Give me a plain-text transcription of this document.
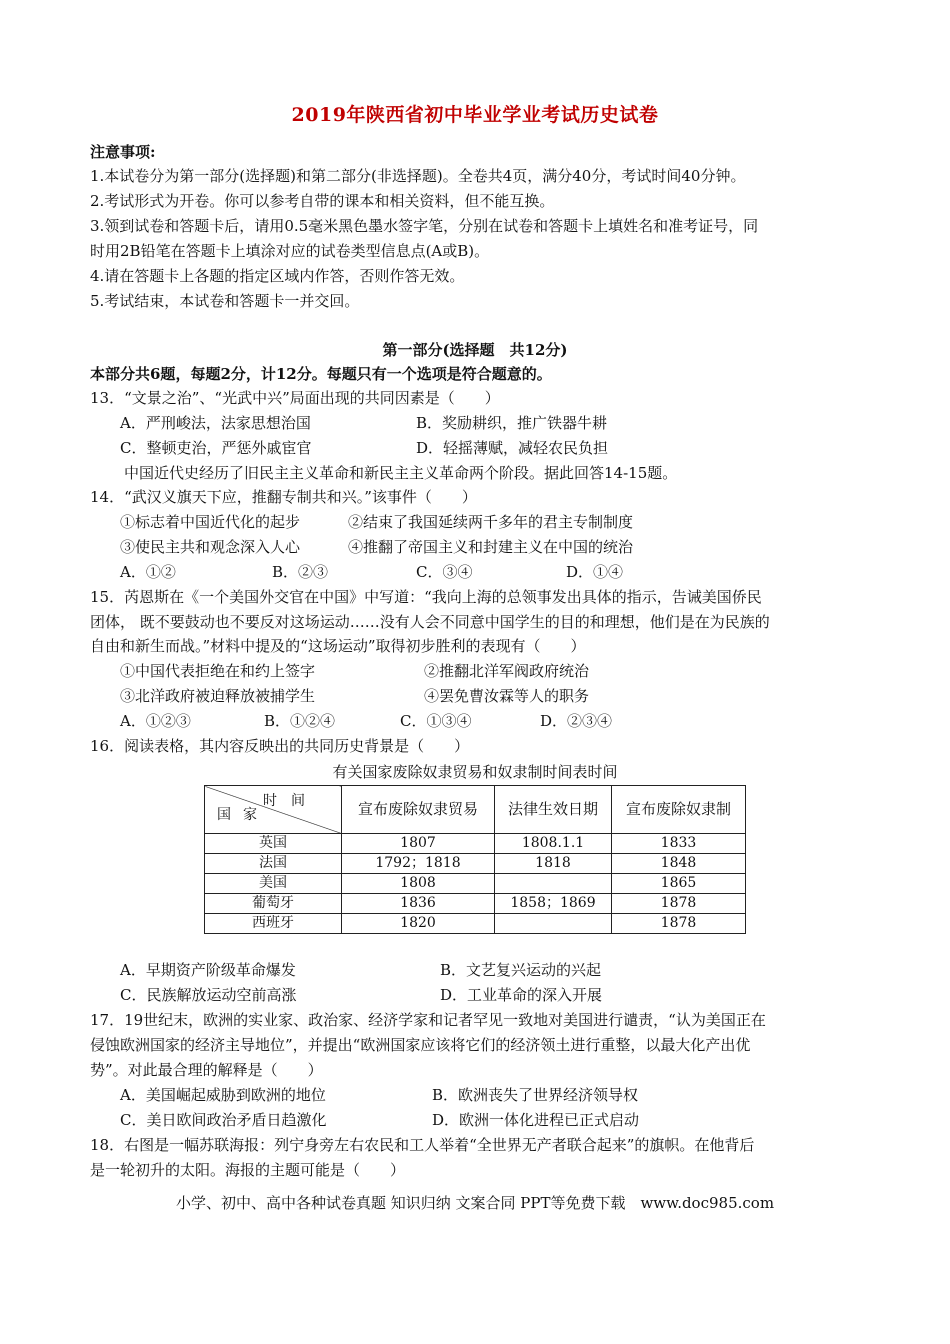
2019年陕西省初中毕业学业考试历史试卷
注意事项:
1.本试卷分为第一部分(选择题)和第二部分(非选择题)。全卷共4页，满分40分，考试时间40分钟。
2.考试形式为开卷。你可以参考自带的课本和相关资料，但不能互换。
3.领到试卷和答题卡后，请用0.5毫米黑色墨水签字笔，分别在试卷和答题卡上填姓名和准考证号，同
时用2B铅笔在答题卡上填涂对应的试卷类型信息点(A或B)。
4.请在答题卡上各题的指定区域内作答，否则作答无效。
5.考试结束，本试卷和答题卡一并交回。
第一部分(选择题　共12分)
本部分共6题，每题2分，计12分。每题只有一个选项是符合题意的。
13．“文景之治”、“光武中兴”局面出现的共同因素是（　　）
A．严刑峻法，法家思想治国	B．奖励耕织，推广铁器牛耕
C．整顿吏治，严惩外戚宦官	D．轻摇薄赋，减轻农民负担
中国近代史经历了旧民主主义革命和新民主主义革命两个阶段。据此回答14-15题。
14．“武汉义旗天下应，推翻专制共和兴。”该事件（　　）
①标志着中国近代化的起步	②结束了我国延续两千多年的君主专制制度
③使民主共和观念深入人心	④推翻了帝国主义和封建主义在中国的统治
A．①②	B．②③	C．③④	D．①④
15．芮恩斯在《一个美国外交官在中国》中写道：“我向上海的总领事发出具体的指示，告诫美国侨民
团体， 既不要鼓动也不要反对这场运动……没有人会不同意中国学生的目的和理想，他们是在为民族的
自由和新生而战。”材料中提及的“这场运动”取得初步胜利的表现有（　　）
①中国代表拒绝在和约上签字	②推翻北洋军阀政府统治
③北洋政府被迫释放被捕学生	④罢免曹汝霖等人的职务
A．①②③	B．①②④	C．①③④	D．②③④
16．阅读表格，其内容反映出的共同历史背景是（　　）
有关国家废除奴隶贸易和奴隶制时间表时间
时间
国家	宣布废除奴隶贸易	法律生效日期	宣布废除奴隶制
英国	1807	1808.1.1	1833
法国	1792；1818	1818	1848
美国	1808		1865
葡萄牙	1836	1858；1869	1878
西班牙	1820		1878
A．早期资产阶级革命爆发	B．文艺复兴运动的兴起
C．民族解放运动空前高涨	D．工业革命的深入开展
17．19世纪末，欧洲的实业家、政治家、经济学家和记者罕见一致地对美国进行谴责，“认为美国正在
侵蚀欧洲国家的经济主导地位”，并提出“欧洲国家应该将它们的经济领土进行重整，以最大化产出优
势”。对此最合理的解释是（　　）
A．美国崛起威胁到欧洲的地位	B．欧洲丧失了世界经济领导权
C．美日欧间政治矛盾日趋激化	D．欧洲一体化进程已正式启动
18．右图是一幅苏联海报：列宁身旁左右农民和工人举着“全世界无产者联合起来”的旗帜。在他背后
是一轮初升的太阳。海报的主题可能是（　　）
小学、初中、高中各种试卷真题 知识归纳 文案合同 PPT等免费下载　www.doc985.com
